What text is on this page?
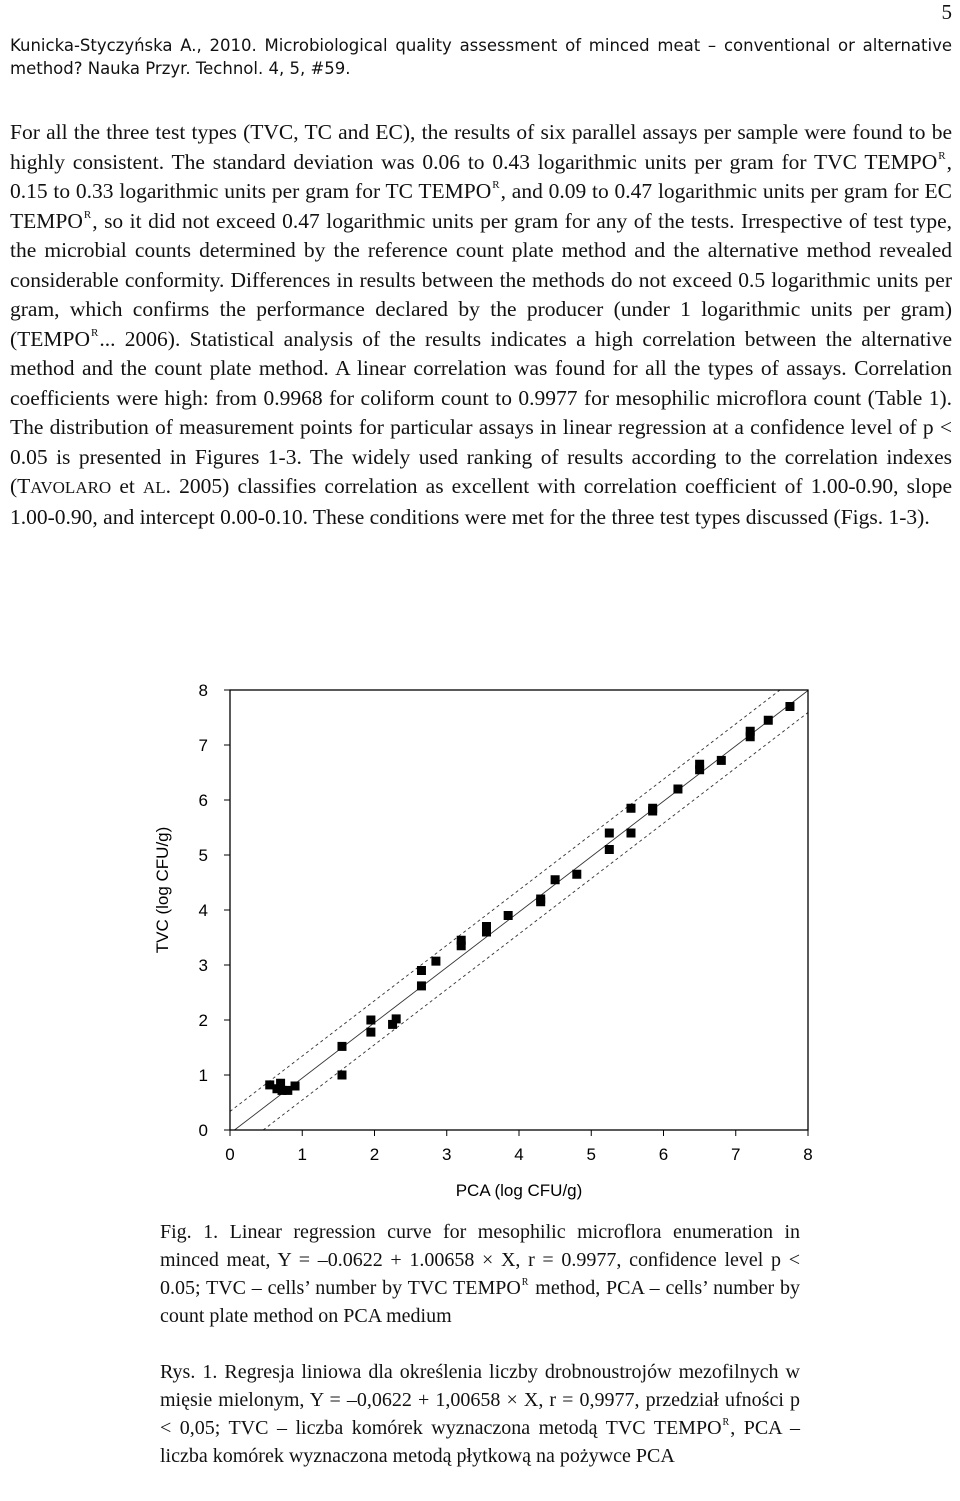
5
Kunicka-Styczyńska A., 2010. Microbiological quality assessment of minced meat – conventional or alternative method? Nauka Przyr. Technol. 4, 5, #59.

For all the three test types (TVC, TC and EC), the results of six parallel assays per sample were found to be highly consistent. The standard deviation was 0.06 to 0.43 logarithmic units per gram for TVC $TEMPO^R$, 0.15 to 0.33 logarithmic units per gram for TC $TEMPO^R$, and 0.09 to 0.47 logarithmic units per gram for EC $TEMPO^R$, so it did not exceed 0.47 logarithmic units per gram for any of the tests. Irrespective of test type, the microbial counts determined by the reference count plate method and the alternative method revealed considerable conformity. Differences in results between the methods do not exceed 0.5 logarithmic units per gram, which confirms the performance declared by the producer (under 1 logarithmic units per gram) ($TEMPO^R$... 2006). Statistical analysis of the results indicates a high correlation between the alternative method and the count plate method. A linear correlation was found for all the types of assays. Correlation coefficients were high: from 0.9968 for coliform count to 0.9977 for mesophilic microflora count (Table 1). The distribution of measurement points for particular assays in linear regression at a confidence level of p < 0.05 is presented in Figures 1-3. The widely used ranking of results according to the correlation indexes (TAVOLARO et AL. 2005) classifies correlation as excellent with correlation coefficient of 1.00-0.90, slope 1.00-0.90, and intercept 0.00-0.10. These conditions were met for the three test types discussed (Figs. 1-3).

0	1	2	3	4	5	6	7	8
0
1
2
3
4
5
6
7
8
PCA (log CFU/g)
TVC (log CFU/g)

Fig. 1. Linear regression curve for mesophilic microflora enumeration in minced meat, Y = –0.0622 + 1.00658 × X, r = 0.9977, confidence level p < 0.05; TVC – cells’ number by TVC $TEMPO^R$ method, PCA – cells’ number by count plate method on PCA medium

Rys. 1. Regresja liniowa dla określenia liczby drobnoustrojów mezofilnych w mięsie mielonym, Y = –0,0622 + 1,00658 × X, r = 0,9977, przedział ufności p < 0,05; TVC – liczba komórek wyznaczona metodą TVC $TEMPO^R$, PCA – liczba komórek wyznaczona metodą płytkową na pożywce PCA
